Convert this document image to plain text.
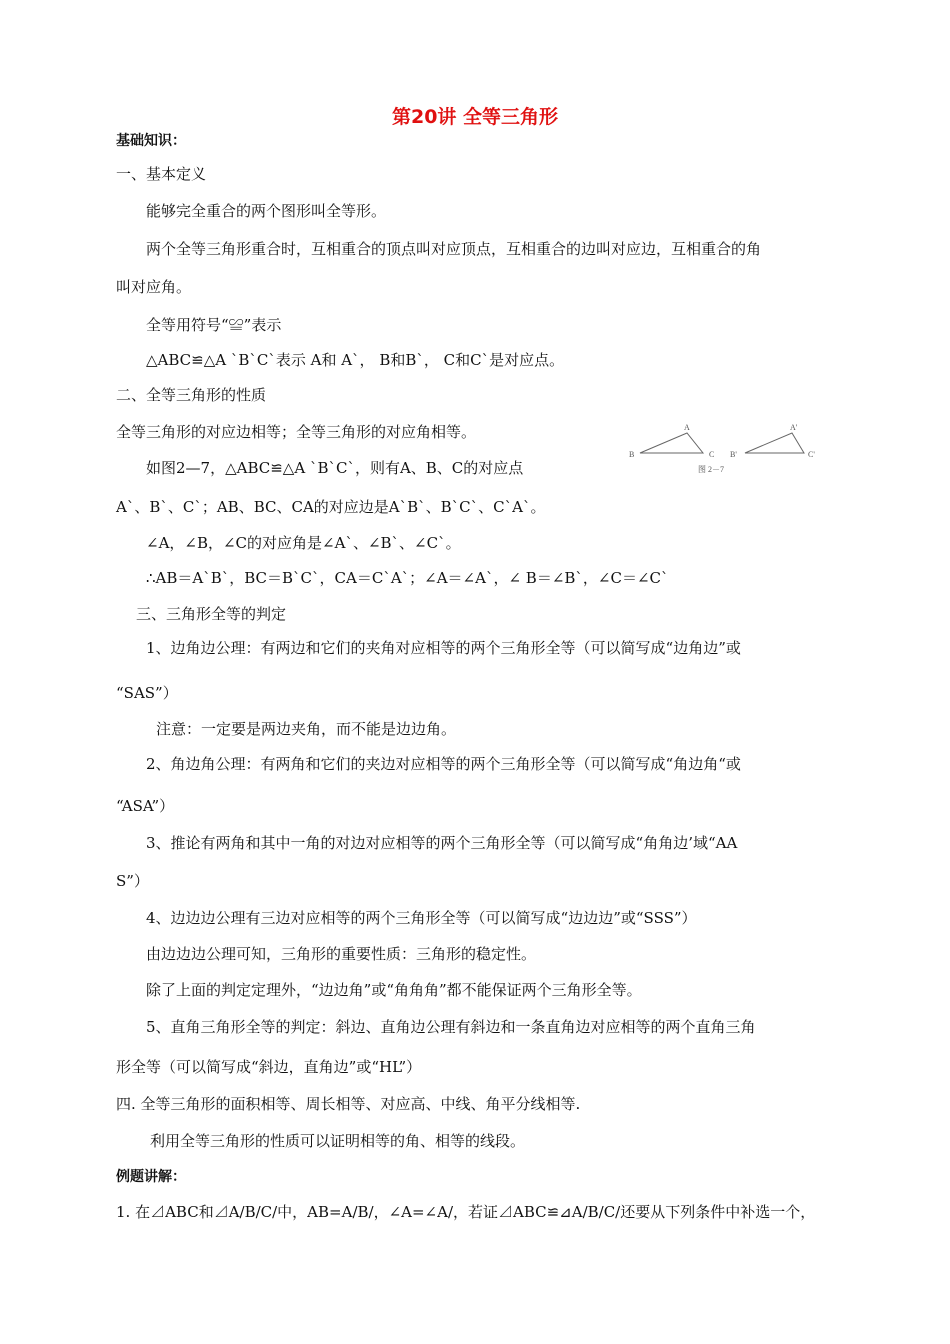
第20讲 全等三角形
基础知识：
一、基本定义
能够完全重合的两个图形叫全等形。
两个全等三角形重合时，互相重合的顶点叫对应顶点，互相重合的边叫对应边，互相重合的角
叫对应角。
全等用符号“≌”表示
△ABC≌△A `B`C`表示 A和 A`， B和B`， C和C`是对应点。
二、全等三角形的性质
全等三角形的对应边相等；全等三角形的对应角相等。
如图2—7，△ABC≌△A `B`C`，则有A、B、C的对应点
A
B	C
A'
B'	C'
图 2－7
A`、B`、C`；AB、BC、CA的对应边是A`B`、B`C`、C`A`。
∠A，∠B，∠C的对应角是∠A`、∠B`、∠C`。
∴AB＝A`B`，BC＝B`C`，CA＝C`A`；∠A＝∠A`，∠ B＝∠B`，∠C＝∠C`
三、三角形全等的判定
1、边角边公理：有两边和它们的夹角对应相等的两个三角形全等（可以简写成“边角边”或
“SAS”）
注意：一定要是两边夹角，而不能是边边角。
2、角边角公理：有两角和它们的夹边对应相等的两个三角形全等（可以简写成“角边角“或
“ASA”）
3、推论有两角和其中一角的对边对应相等的两个三角形全等（可以简写成“角角边’域“AA
S”）
4、边边边公理有三边对应相等的两个三角形全等（可以简写成“边边边”或“SSS”）
由边边边公理可知，三角形的重要性质：三角形的稳定性。
除了上面的判定定理外，“边边角”或“角角角”都不能保证两个三角形全等。
5、直角三角形全等的判定：斜边、直角边公理有斜边和一条直角边对应相等的两个直角三角
形全等（可以简写成“斜边，直角边”或“HL”）
四. 全等三角形的面积相等、周长相等、对应高、中线、角平分线相等.
利用全等三角形的性质可以证明相等的角、相等的线段。
例题讲解：
1. 在⊿ABC和⊿A/B/C/中，AB=A/B/，∠A=∠A/，若证⊿ABC≌⊿A/B/C/还要从下列条件中补选一个，
